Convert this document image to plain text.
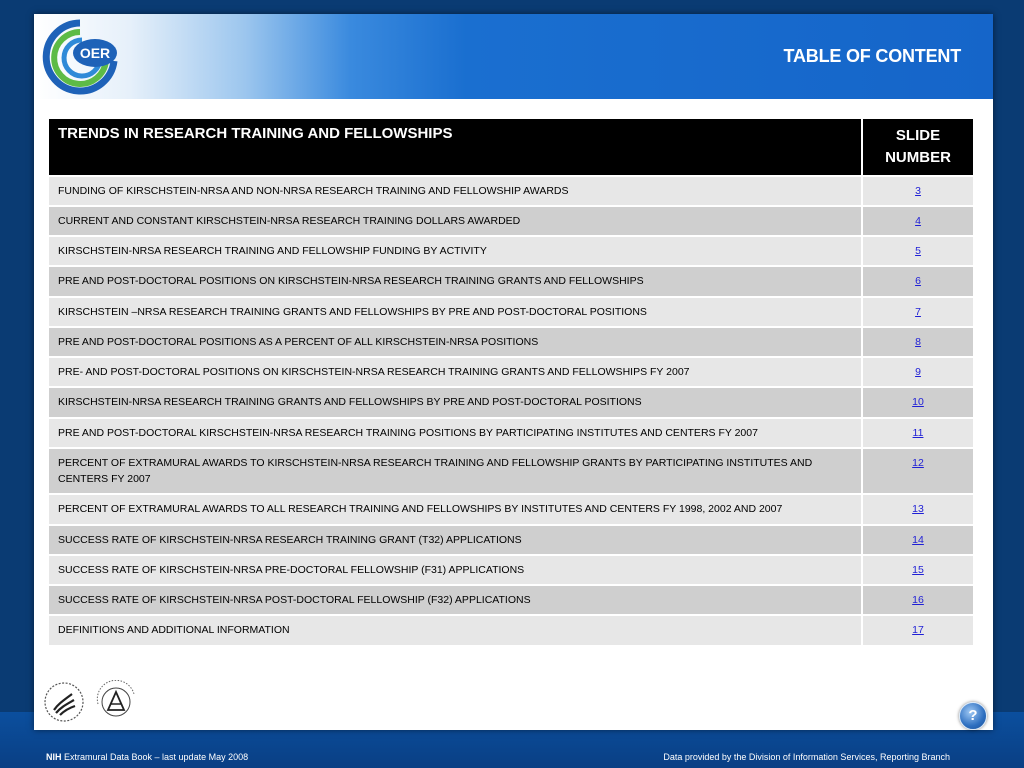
OER	TABLE OF CONTENT
TRENDS IN RESEARCH TRAINING AND FELLOWSHIPS	SLIDE NUMBER
FUNDING OF KIRSCHSTEIN-NRSA AND NON-NRSA RESEARCH TRAINING AND FELLOWSHIP AWARDS	3
CURRENT AND CONSTANT KIRSCHSTEIN-NRSA RESEARCH TRAINING DOLLARS AWARDED	4
KIRSCHSTEIN-NRSA RESEARCH TRAINING AND FELLOWSHIP FUNDING BY ACTIVITY	5
PRE AND POST-DOCTORAL POSITIONS ON KIRSCHSTEIN-NRSA RESEARCH TRAINING GRANTS AND FELLOWSHIPS	6
KIRSCHSTEIN –NRSA RESEARCH TRAINING GRANTS AND FELLOWSHIPS BY PRE AND POST-DOCTORAL POSITIONS	7
PRE AND POST-DOCTORAL POSITIONS AS A PERCENT OF ALL KIRSCHSTEIN-NRSA POSITIONS	8
PRE- AND POST-DOCTORAL POSITIONS ON KIRSCHSTEIN-NRSA RESEARCH TRAINING GRANTS AND FELLOWSHIPS FY 2007	9
KIRSCHSTEIN-NRSA RESEARCH TRAINING GRANTS AND FELLOWSHIPS BY PRE AND POST-DOCTORAL POSITIONS	10
PRE AND POST-DOCTORAL KIRSCHSTEIN-NRSA RESEARCH TRAINING POSITIONS BY PARTICIPATING INSTITUTES AND CENTERS FY 2007	11
PERCENT OF EXTRAMURAL AWARDS TO KIRSCHSTEIN-NRSA RESEARCH TRAINING AND FELLOWSHIP GRANTS BY PARTICIPATING INSTITUTES AND CENTERS FY 2007	12
PERCENT OF EXTRAMURAL AWARDS TO ALL RESEARCH TRAINING AND FELLOWSHIPS BY INSTITUTES AND CENTERS FY 1998, 2002 AND 2007	13
SUCCESS RATE OF KIRSCHSTEIN-NRSA RESEARCH TRAINING GRANT (T32) APPLICATIONS	14
SUCCESS RATE OF KIRSCHSTEIN-NRSA PRE-DOCTORAL FELLOWSHIP (F31) APPLICATIONS	15
SUCCESS RATE OF KIRSCHSTEIN-NRSA POST-DOCTORAL FELLOWSHIP (F32) APPLICATIONS	16
DEFINITIONS AND ADDITIONAL INFORMATION	17
?
NIH Extramural Data Book – last update May 2008	Data provided by the Division of Information Services, Reporting Branch
